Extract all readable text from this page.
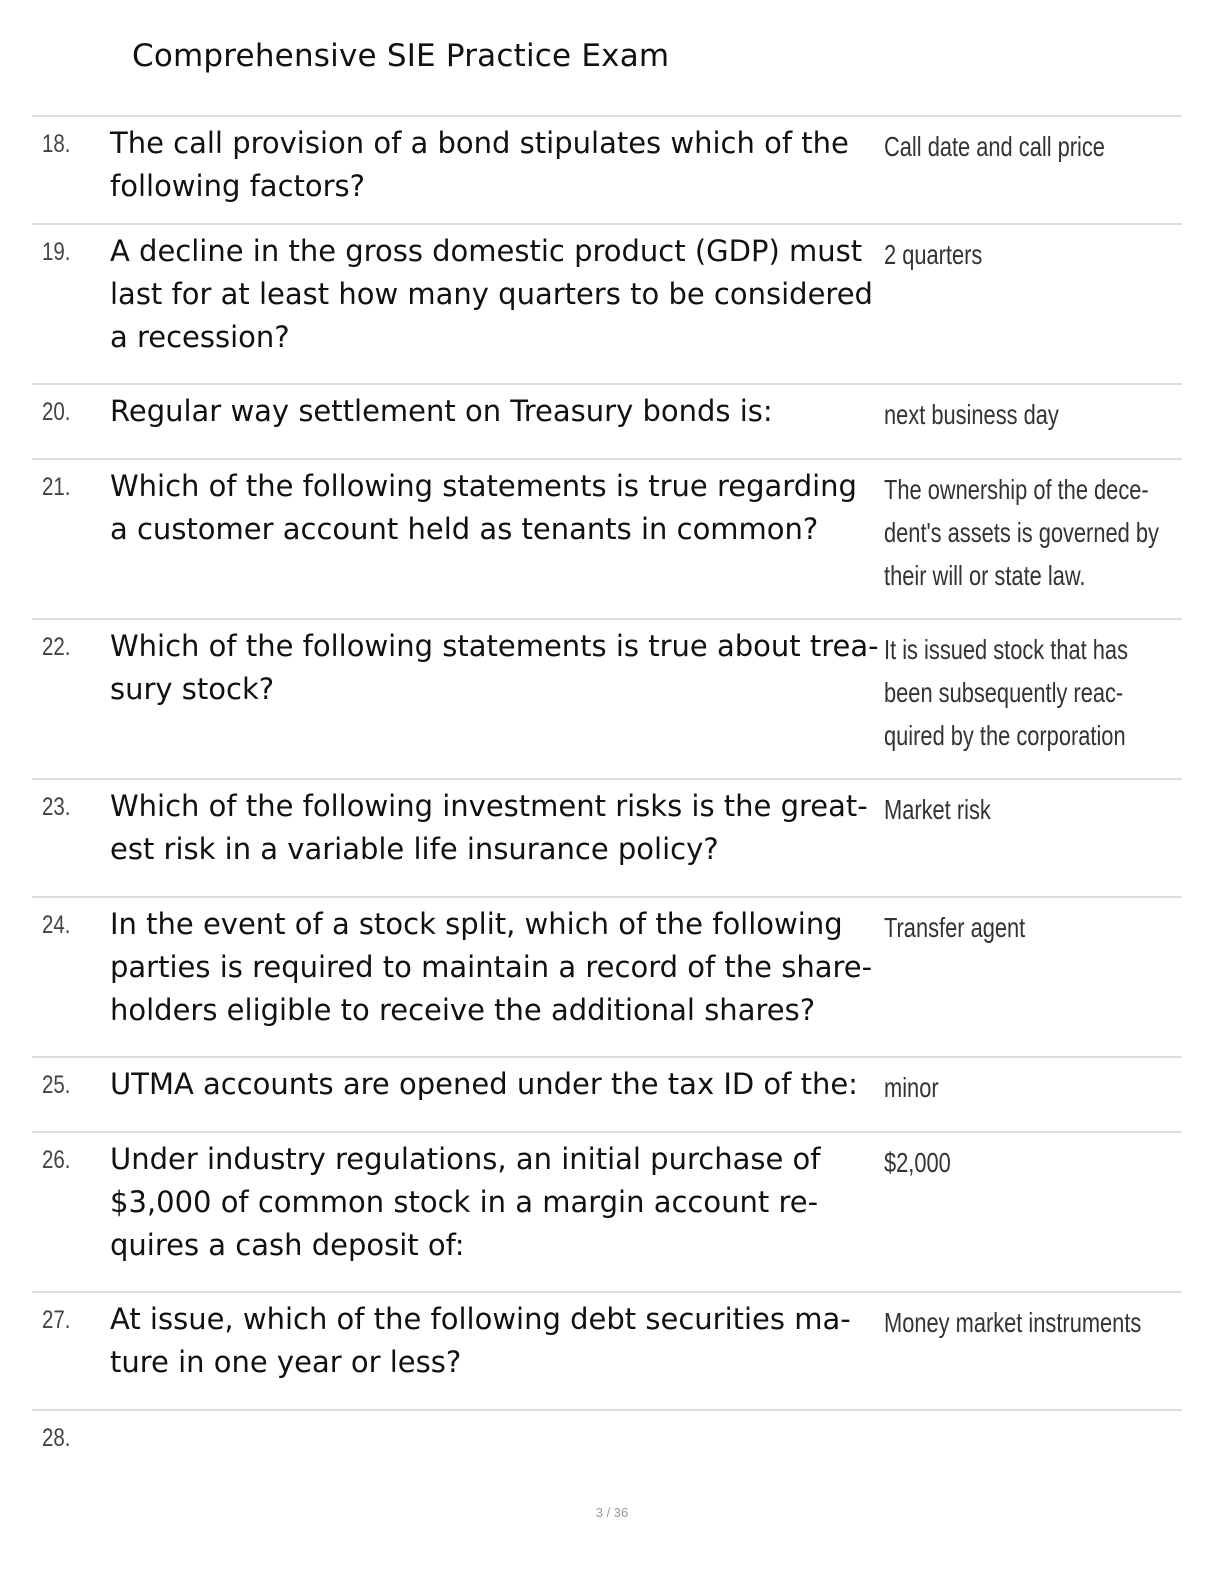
Comprehensive SIE Practice Exam
18. The call provision of a bond stipulates which of the following factors?
Call date and call price
19. A decline in the gross domestic product (GDP) must last for at least how many quarters to be considered a recession?
2 quarters
20. Regular way settlement on Treasury bonds is:	next business day
21. Which of the following statements is true regarding a customer account held as tenants in common?
The ownership of the dece-dent's assets is governed by their will or state law.
22. Which of the following statements is true about trea-sury stock?
It is issued stock that has been subsequently reac-quired by the corporation
23. Which of the following investment risks is the great-est risk in a variable life insurance policy?
Market risk
24. In the event of a stock split, which of the following parties is required to maintain a record of the share-holders eligible to receive the additional shares?
Transfer agent
25. UTMA accounts are opened under the tax ID of the: minor
26. Under industry regulations, an initial purchase of $3,000 of common stock in a margin account re-quires a cash deposit of:
$2,000
27. At issue, which of the following debt securities ma-ture in one year or less?
Money market instruments
28.
3 / 36
